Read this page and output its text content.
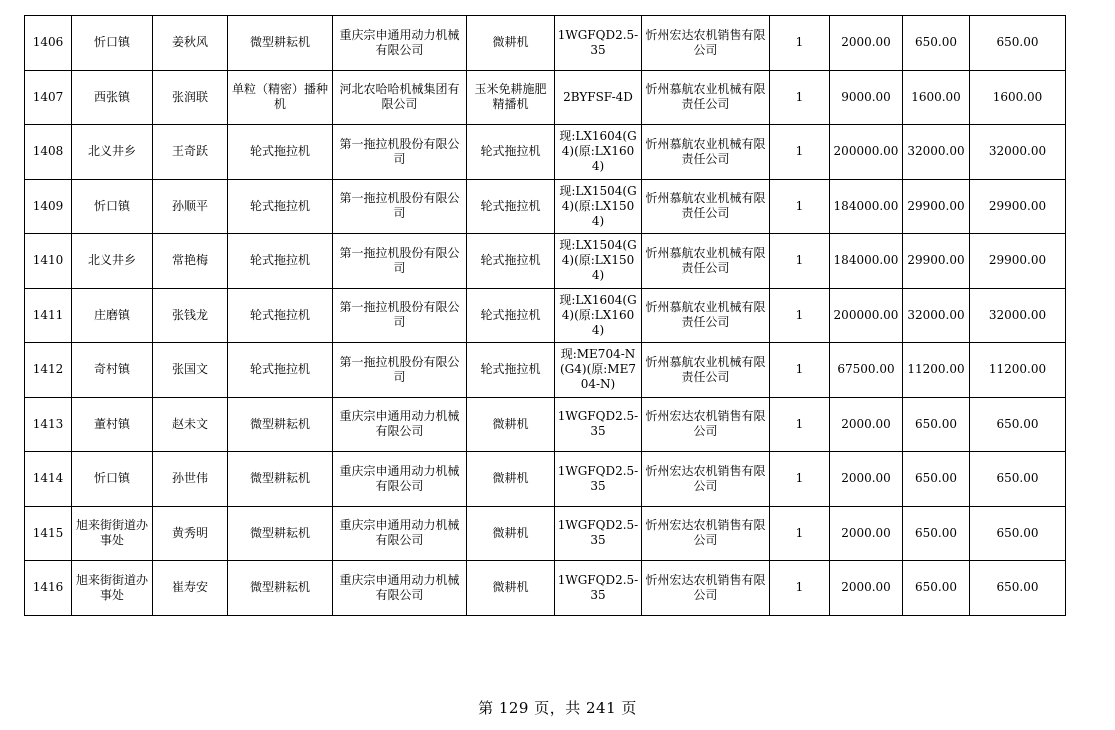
1406	忻口镇	姜秋风	微型耕耘机	重庆宗申通用动力机械有限公司	微耕机	1WGFQD2.5-35	忻州宏达农机销售有限公司	1	2000.00	650.00	650.00
1407	西张镇	张润联	单粒（精密）播种机	河北农哈哈机械集团有限公司	玉米免耕施肥精播机	2BYFSF-4D	忻州慕航农业机械有限责任公司	1	9000.00	1600.00	1600.00
1408	北义井乡	王奇跃	轮式拖拉机	第一拖拉机股份有限公司	轮式拖拉机	现:LX1604(G4)(原:LX1604)	忻州慕航农业机械有限责任公司	1	200000.00	32000.00	32000.00
1409	忻口镇	孙顺平	轮式拖拉机	第一拖拉机股份有限公司	轮式拖拉机	现:LX1504(G4)(原:LX1504)	忻州慕航农业机械有限责任公司	1	184000.00	29900.00	29900.00
1410	北义井乡	常艳梅	轮式拖拉机	第一拖拉机股份有限公司	轮式拖拉机	现:LX1504(G4)(原:LX1504)	忻州慕航农业机械有限责任公司	1	184000.00	29900.00	29900.00
1411	庄磨镇	张钱龙	轮式拖拉机	第一拖拉机股份有限公司	轮式拖拉机	现:LX1604(G4)(原:LX1604)	忻州慕航农业机械有限责任公司	1	200000.00	32000.00	32000.00
1412	奇村镇	张国文	轮式拖拉机	第一拖拉机股份有限公司	轮式拖拉机	现:ME704-N(G4)(原:ME704-N)	忻州慕航农业机械有限责任公司	1	67500.00	11200.00	11200.00
1413	董村镇	赵未文	微型耕耘机	重庆宗申通用动力机械有限公司	微耕机	1WGFQD2.5-35	忻州宏达农机销售有限公司	1	2000.00	650.00	650.00
1414	忻口镇	孙世伟	微型耕耘机	重庆宗申通用动力机械有限公司	微耕机	1WGFQD2.5-35	忻州宏达农机销售有限公司	1	2000.00	650.00	650.00
1415	旭来街街道办事处	黄秀明	微型耕耘机	重庆宗申通用动力机械有限公司	微耕机	1WGFQD2.5-35	忻州宏达农机销售有限公司	1	2000.00	650.00	650.00
1416	旭来街街道办事处	崔寿安	微型耕耘机	重庆宗申通用动力机械有限公司	微耕机	1WGFQD2.5-35	忻州宏达农机销售有限公司	1	2000.00	650.00	650.00
第 129 页，共 241 页
